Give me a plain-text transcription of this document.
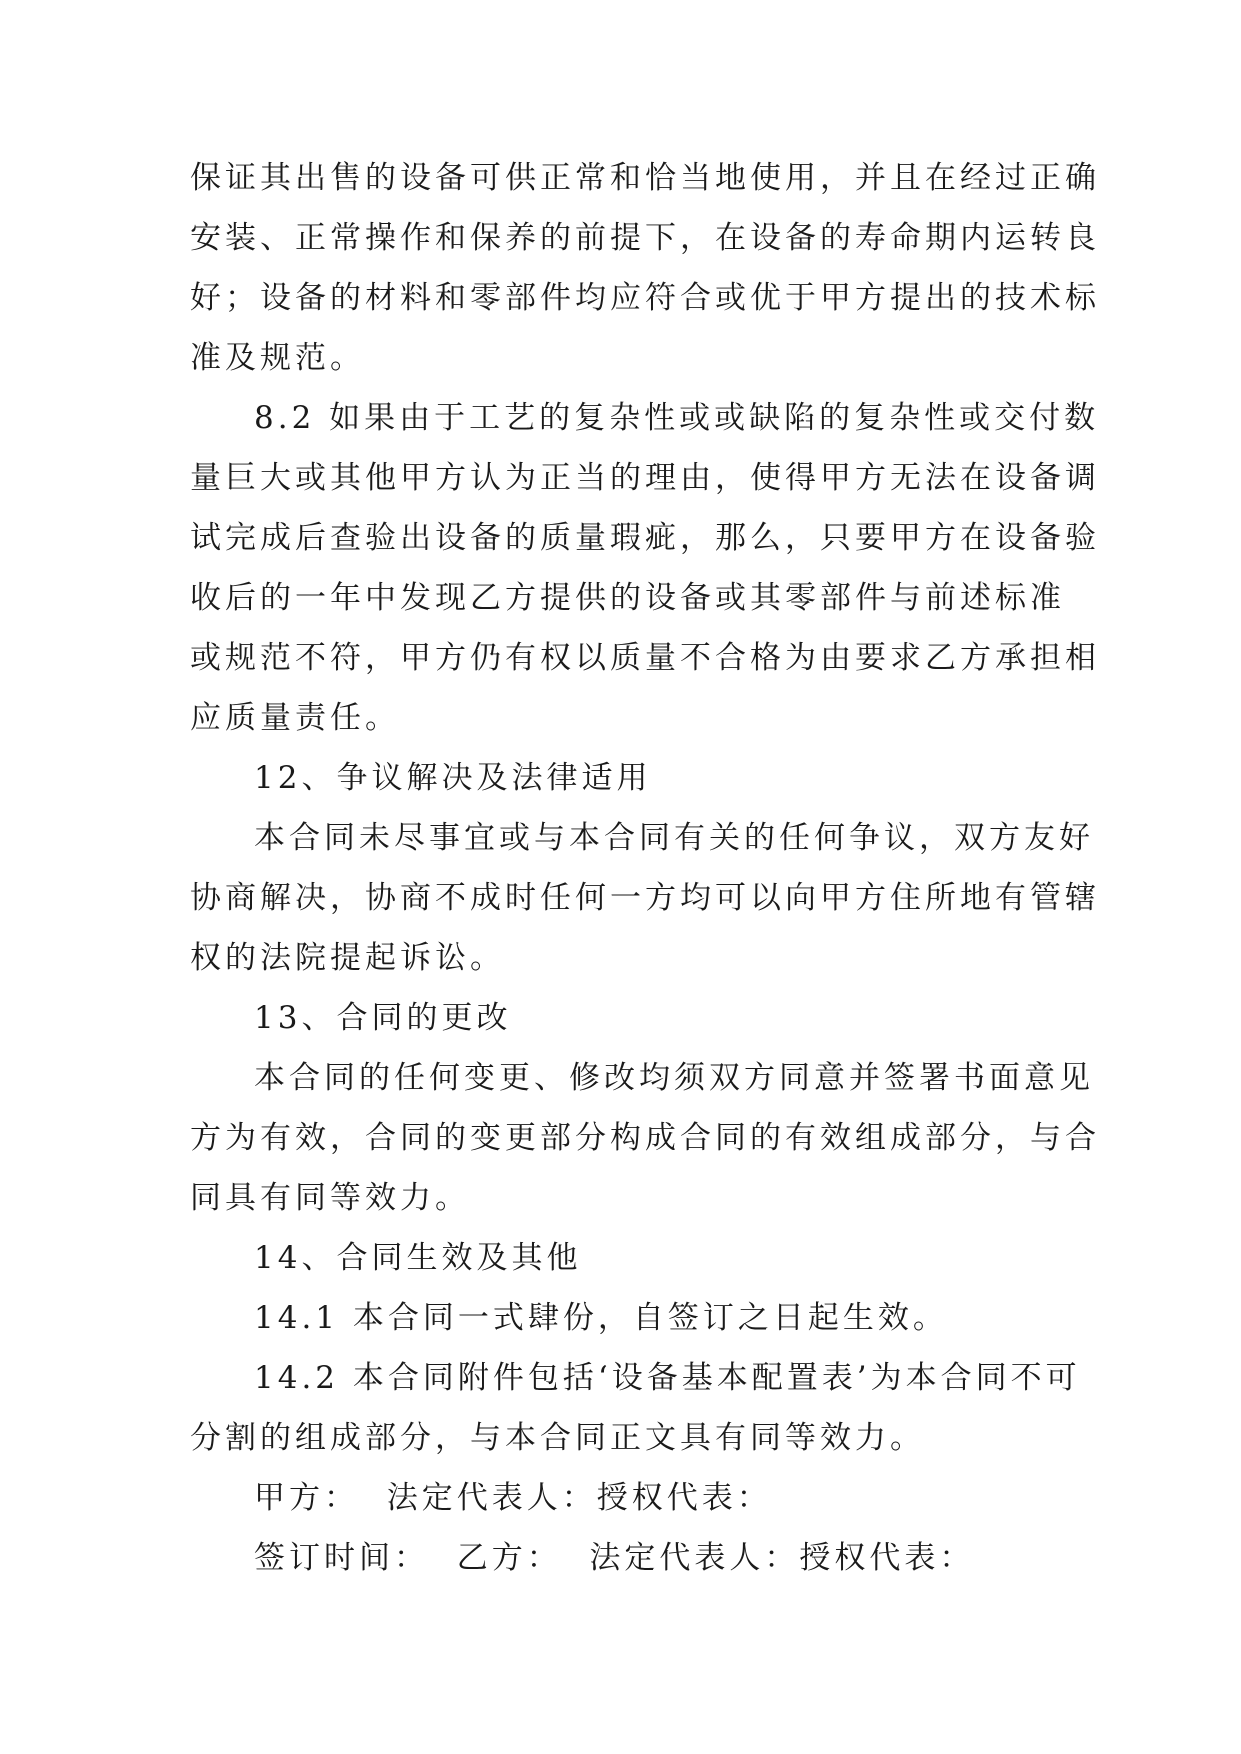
保证其出售的设备可供正常和恰当地使用，并且在经过正确
安装、正常操作和保养的前提下，在设备的寿命期内运转良
好；设备的材料和零部件均应符合或优于甲方提出的技术标
准及规范。
8.2 如果由于工艺的复杂性或或缺陷的复杂性或交付数
量巨大或其他甲方认为正当的理由，使得甲方无法在设备调
试完成后查验出设备的质量瑕疵，那么，只要甲方在设备验
收后的一年中发现乙方提供的设备或其零部件与前述标准
或规范不符，甲方仍有权以质量不合格为由要求乙方承担相
应质量责任。
12、争议解决及法律适用
本合同未尽事宜或与本合同有关的任何争议，双方友好
协商解决，协商不成时任何一方均可以向甲方住所地有管辖
权的法院提起诉讼。
13、合同的更改
本合同的任何变更、修改均须双方同意并签署书面意见
方为有效，合同的变更部分构成合同的有效组成部分，与合
同具有同等效力。
14、合同生效及其他
14.1 本合同一式肆份，自签订之日起生效。
14.2 本合同附件包括‘设备基本配置表’为本合同不可
分割的组成部分，与本合同正文具有同等效力。
甲方：  法定代表人：授权代表：
签订时间：  乙方：  法定代表人：授权代表：
